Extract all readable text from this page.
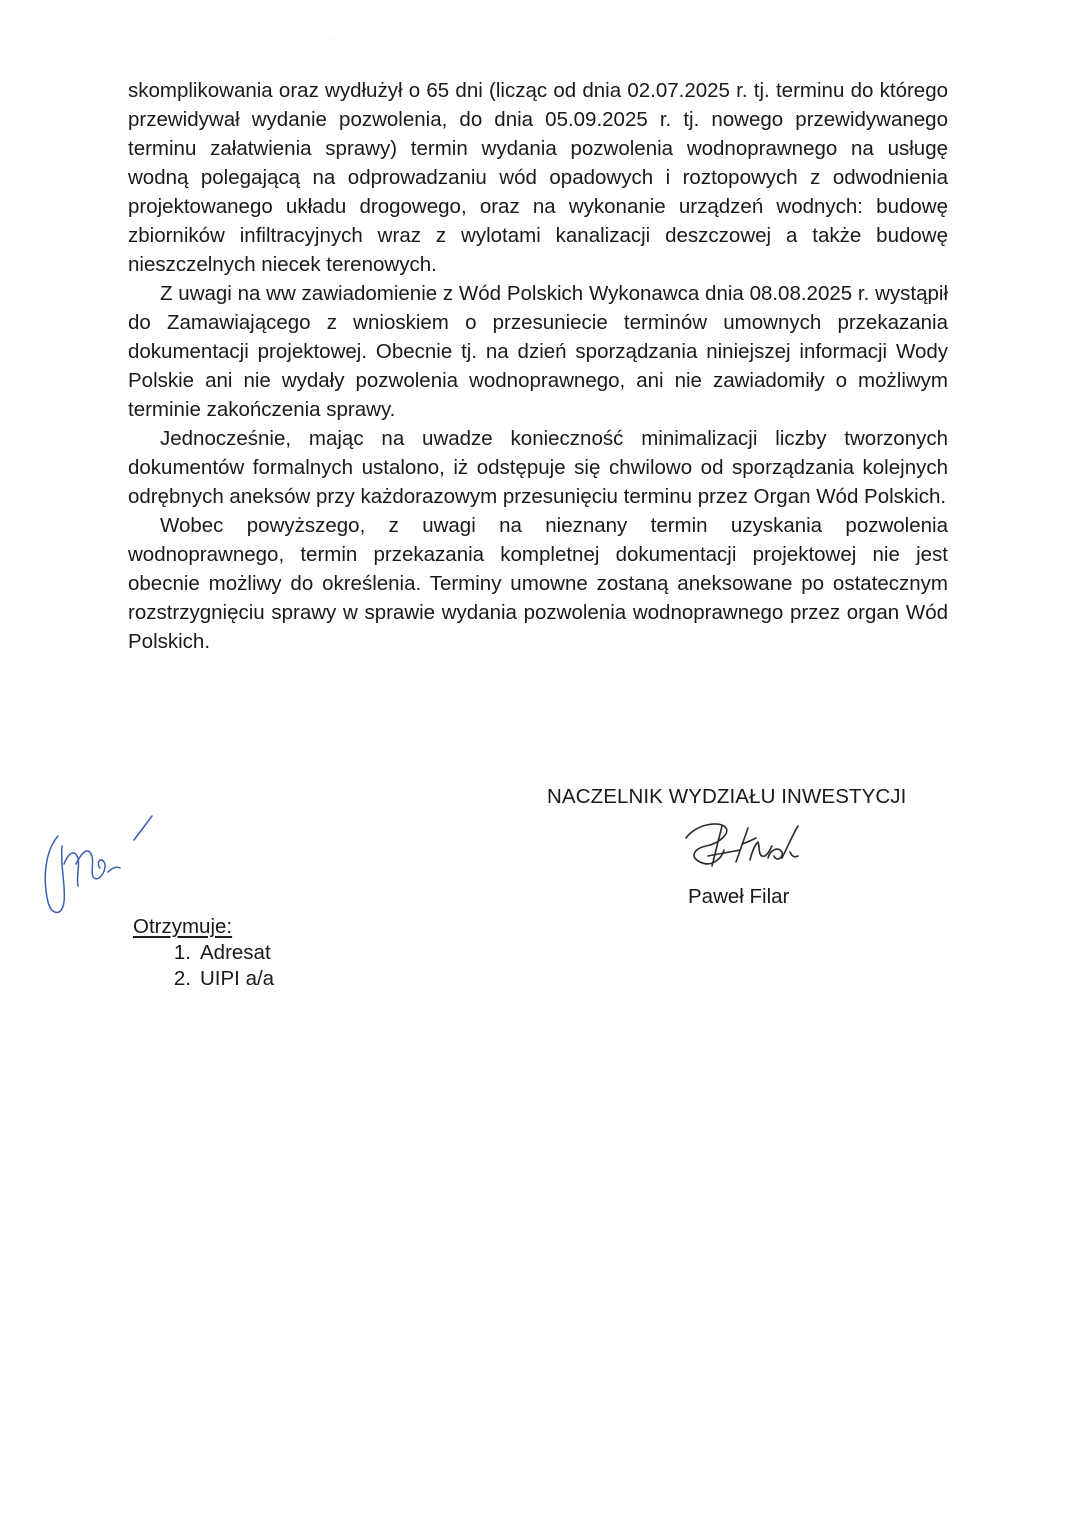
skomplikowania oraz wydłużył o 65 dni (licząc od dnia 02.07.2025 r. tj. terminu do którego przewidywał wydanie pozwolenia, do dnia 05.09.2025 r. tj. nowego przewidywanego terminu załatwienia sprawy) termin wydania pozwolenia wodnoprawnego na usługę wodną polegającą na odprowadzaniu wód opadowych i roztopowych z odwodnienia projektowanego układu drogowego, oraz na wykonanie urządzeń wodnych: budowę zbiorników infiltracyjnych wraz z wylotami kanalizacji deszczowej a także budowę nieszczelnych niecek terenowych.

Z uwagi na ww zawiadomienie z Wód Polskich Wykonawca dnia 08.08.2025 r. wystąpił do Zamawiającego z wnioskiem o przesuniecie terminów umownych przekazania dokumentacji projektowej. Obecnie tj. na dzień sporządzania niniejszej informacji Wody Polskie ani nie wydały pozwolenia wodnoprawnego, ani nie zawiadomiły o możliwym terminie zakończenia sprawy.

Jednocześnie, mając na uwadze konieczność minimalizacji liczby tworzonych dokumentów formalnych ustalono, iż odstępuje się chwilowo od sporządzania kolejnych odrębnych aneksów przy każdorazowym przesunięciu terminu przez Organ Wód Polskich.

Wobec powyższego, z uwagi na nieznany termin uzyskania pozwolenia wodnoprawnego, termin przekazania kompletnej dokumentacji projektowej nie jest obecnie możliwy do określenia. Terminy umowne zostaną aneksowane po ostatecznym rozstrzygnięciu sprawy w sprawie wydania pozwolenia wodnoprawnego przez organ Wód Polskich.

NACZELNIK WYDZIAŁU INWESTYCJI
Paweł Filar
Otrzymuje:
1. Adresat
2. UIPI a/a
